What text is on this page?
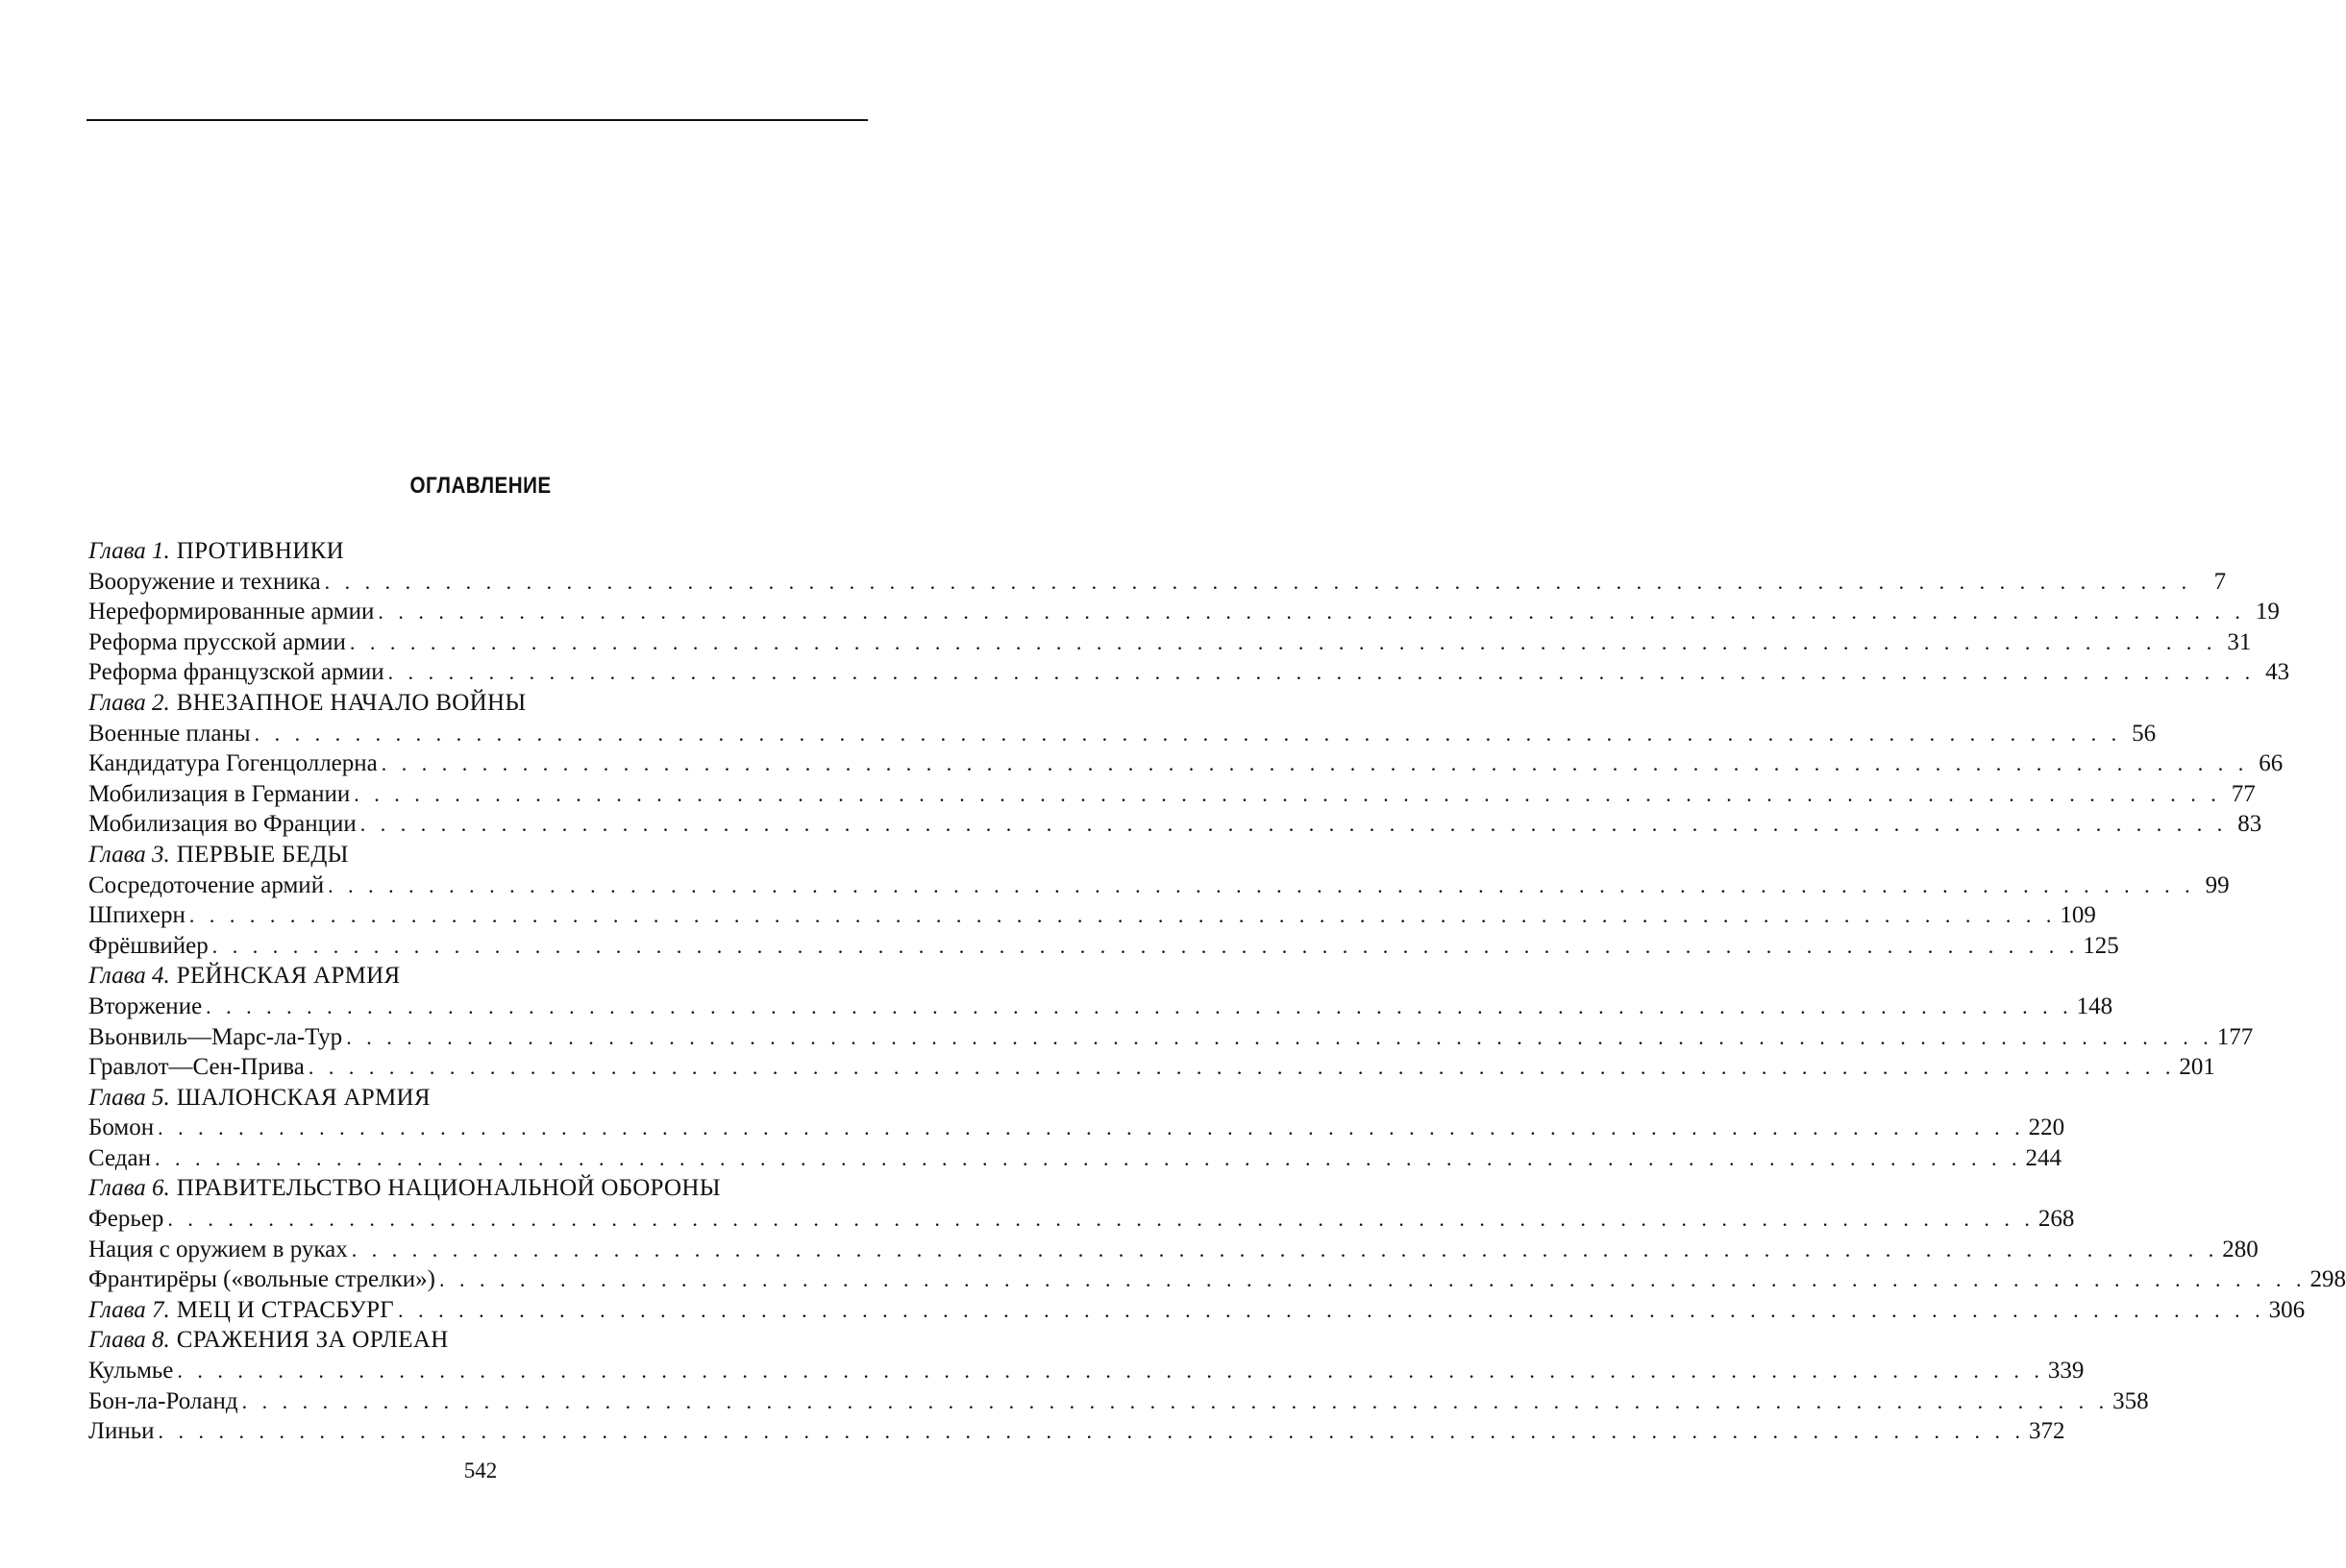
ОГЛАВЛЕНИЕ
Глава 1. ПРОТИВНИКИ
Вооружение и техника . . . . . . . . . . . . . . . . . . . . . . . . . . . . . . . . . . . . . . . . . . . . . . . . . . . . . . . . . . . . . . . . . . . . . . . . . . . . . . . . . . . . . . . . . . . . . 7
Нереформированные армии . . . . . . . . . . . . . . . . . . . . . . . . . . . . . . . . . . . . . . . . . . . . . . . . . . . . . . . . . . . . . . . . . . . . . . . . . . . . . . . . . . . . . . . . . . . . . 19
Реформа прусской армии . . . . . . . . . . . . . . . . . . . . . . . . . . . . . . . . . . . . . . . . . . . . . . . . . . . . . . . . . . . . . . . . . . . . . . . . . . . . . . . . . . . . . . . . . . . . . 31
Реформа французской армии . . . . . . . . . . . . . . . . . . . . . . . . . . . . . . . . . . . . . . . . . . . . . . . . . . . . . . . . . . . . . . . . . . . . . . . . . . . . . . . . . . . . . . . . . . . . . 43
Глава 2. ВНЕЗАПНОЕ НАЧАЛО ВОЙНЫ
Военные планы . . . . . . . . . . . . . . . . . . . . . . . . . . . . . . . . . . . . . . . . . . . . . . . . . . . . . . . . . . . . . . . . . . . . . . . . . . . . . . . . . . . . . . . . . . . . . 56
Кандидатура Гогенцоллерна . . . . . . . . . . . . . . . . . . . . . . . . . . . . . . . . . . . . . . . . . . . . . . . . . . . . . . . . . . . . . . . . . . . . . . . . . . . . . . . . . . . . . . . . . . . . . 66
Мобилизация в Германии . . . . . . . . . . . . . . . . . . . . . . . . . . . . . . . . . . . . . . . . . . . . . . . . . . . . . . . . . . . . . . . . . . . . . . . . . . . . . . . . . . . . . . . . . . . . . 77
Мобилизация во Франции . . . . . . . . . . . . . . . . . . . . . . . . . . . . . . . . . . . . . . . . . . . . . . . . . . . . . . . . . . . . . . . . . . . . . . . . . . . . . . . . . . . . . . . . . . . . . 83
Глава 3. ПЕРВЫЕ БЕДЫ
Сосредоточение армий . . . . . . . . . . . . . . . . . . . . . . . . . . . . . . . . . . . . . . . . . . . . . . . . . . . . . . . . . . . . . . . . . . . . . . . . . . . . . . . . . . . . . . . . . . . . . 99
Шпихерн . . . . . . . . . . . . . . . . . . . . . . . . . . . . . . . . . . . . . . . . . . . . . . . . . . . . . . . . . . . . . . . . . . . . . . . . . . . . . . . . . . . . . . . . . . . . . 109
Фрёшвийер . . . . . . . . . . . . . . . . . . . . . . . . . . . . . . . . . . . . . . . . . . . . . . . . . . . . . . . . . . . . . . . . . . . . . . . . . . . . . . . . . . . . . . . . . . . . . 125
Глава 4. РЕЙНСКАЯ АРМИЯ
Вторжение . . . . . . . . . . . . . . . . . . . . . . . . . . . . . . . . . . . . . . . . . . . . . . . . . . . . . . . . . . . . . . . . . . . . . . . . . . . . . . . . . . . . . . . . . . . . . 148
Вьонвиль—Марс-ла-Тур . . . . . . . . . . . . . . . . . . . . . . . . . . . . . . . . . . . . . . . . . . . . . . . . . . . . . . . . . . . . . . . . . . . . . . . . . . . . . . . . . . . . . . . . . . . . . 177
Гравлот—Сен-Прива . . . . . . . . . . . . . . . . . . . . . . . . . . . . . . . . . . . . . . . . . . . . . . . . . . . . . . . . . . . . . . . . . . . . . . . . . . . . . . . . . . . . . . . . . . . . . 201
Глава 5. ШАЛОНСКАЯ АРМИЯ
Бомон . . . . . . . . . . . . . . . . . . . . . . . . . . . . . . . . . . . . . . . . . . . . . . . . . . . . . . . . . . . . . . . . . . . . . . . . . . . . . . . . . . . . . . . . . . . . . 220
Седан . . . . . . . . . . . . . . . . . . . . . . . . . . . . . . . . . . . . . . . . . . . . . . . . . . . . . . . . . . . . . . . . . . . . . . . . . . . . . . . . . . . . . . . . . . . . . 244
Глава 6. ПРАВИТЕЛЬСТВО НАЦИОНАЛЬНОЙ ОБОРОНЫ
Ферьер . . . . . . . . . . . . . . . . . . . . . . . . . . . . . . . . . . . . . . . . . . . . . . . . . . . . . . . . . . . . . . . . . . . . . . . . . . . . . . . . . . . . . . . . . . . . . 268
Нация с оружием в руках . . . . . . . . . . . . . . . . . . . . . . . . . . . . . . . . . . . . . . . . . . . . . . . . . . . . . . . . . . . . . . . . . . . . . . . . . . . . . . . . . . . . . . . . . . . . . 280
Франтирёры («вольные стрелки») . . . . . . . . . . . . . . . . . . . . . . . . . . . . . . . . . . . . . . . . . . . . . . . . . . . . . . . . . . . . . . . . . . . . . . . . . . . . . . . . . . . . . . . . . . . . . 298
Глава 7. МЕЦ И СТРАСБУРГ . . . . . . . . . . . . . . . . . . . . . . . . . . . . . . . . . . . . . . . . . . . . . . . . . . . . . . . . . . . . . . . . . . . . . . . . . . . . . . . . . . . . . . . . . . . . . 306
Глава 8. СРАЖЕНИЯ ЗА ОРЛЕАН
Кульмье . . . . . . . . . . . . . . . . . . . . . . . . . . . . . . . . . . . . . . . . . . . . . . . . . . . . . . . . . . . . . . . . . . . . . . . . . . . . . . . . . . . . . . . . . . . . . 339
Бон-ла-Роланд . . . . . . . . . . . . . . . . . . . . . . . . . . . . . . . . . . . . . . . . . . . . . . . . . . . . . . . . . . . . . . . . . . . . . . . . . . . . . . . . . . . . . . . . . . . . . 358
Линьи . . . . . . . . . . . . . . . . . . . . . . . . . . . . . . . . . . . . . . . . . . . . . . . . . . . . . . . . . . . . . . . . . . . . . . . . . . . . . . . . . . . . . . . . . . . . . 372
542
